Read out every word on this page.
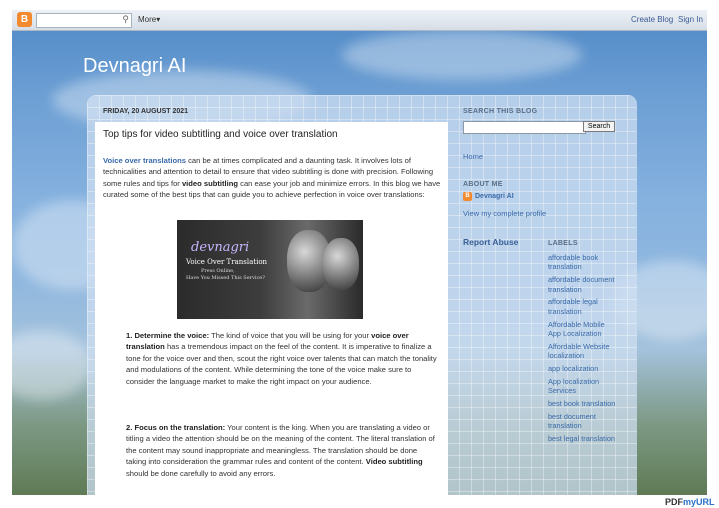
B	⚲ More▾	Create Blog Sign In
Devnagri AI
FRIDAY, 20 AUGUST 2021
Top tips for video subtitling and voice over translation
Voice over translations can be at times complicated and a daunting task. It involves lots of technicalities and attention to detail to ensure that video subtitling is done with precision. Following some rules and tips for video subtitling can ease your job and minimize errors. In this blog we have curated some of the best tips that can guide you to achieve perfection in voice over translations:
devnagri
Voice Over Translation
Press Online,
Have You Missed This Service?
1. Determine the voice: The kind of voice that you will be using for your voice over translation has a tremendous impact on the feel of the content. It is imperative to finalize a tone for the voice over and then, scout the right voice over talents that can match the tonality and modulations of the content. While determining the tone of the voice make sure to consider the language market to make the right impact on your audience.
2. Focus on the translation: Your content is the king. When you are translating a video or titling a video the attention should be on the meaning of the content. The literal translation of the content may sound inappropriate and meaningless. The translation should be done taking into consideration the grammar rules and content of the content. Video subtitling should be done carefully to avoid any errors.
SEARCH THIS BLOG
Search
Home
ABOUT ME
B Devnagri AI
View my complete profile
Report Abuse	LABELS
affordable book translation
affordable document translation
affordable legal translation
Affordable Mobile App Localization
Affordable Website localization
app localization
App localization Services
best book translation
best document translation
best legal translation
PDFmyURL
